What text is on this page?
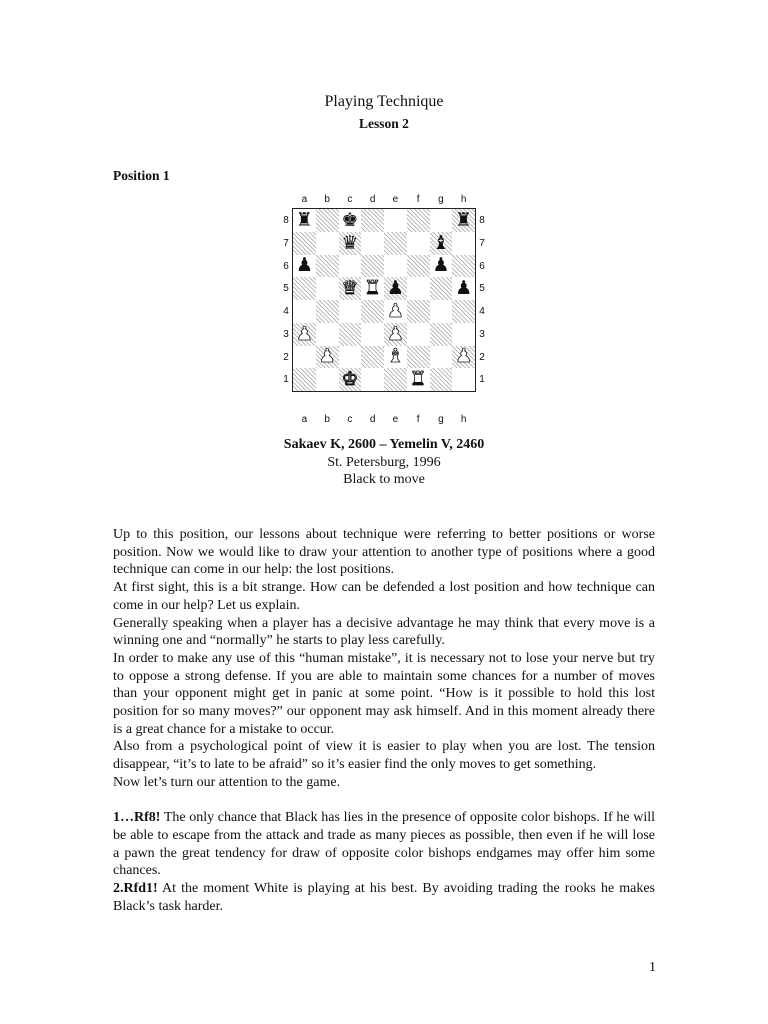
Playing Technique
Lesson 2
Position 1
a	b	c	d	e	f	g	h
8
7
6
5
4
3
2
1
♜ ♚	♜
♛	♝
♟	♟
♛ ♜ ♟	♟
♟
♟	♟
♟	♝	♟
♚	♜
8
7
6
5
4
3
2
1
a	b	c	d	e	f	g	h
Sakaev K, 2600 – Yemelin V, 2460
St. Petersburg, 1996
Black to move

Up to this position, our lessons about technique were referring to better positions or worse position. Now we would like to draw your attention to another type of positions where a good technique can come in our help: the lost positions.

At first sight, this is a bit strange. How can be defended a lost position and how technique can come in our help? Let us explain.

Generally speaking when a player has a decisive advantage he may think that every move is a winning one and “normally” he starts to play less carefully.

In order to make any use of this “human mistake”, it is necessary not to lose your nerve but try to oppose a strong defense. If you are able to maintain some chances for a number of moves than your opponent might get in panic at some point. “How is it possible to hold this lost position for so many moves?” our opponent may ask himself. And in this moment already there is a great chance for a mistake to occur.

Also from a psychological point of view it is easier to play when you are lost. The tension disappear, “it’s to late to be afraid” so it’s easier find the only moves to get something.

Now let’s turn our attention to the game.

1…Rf8! The only chance that Black has lies in the presence of opposite color bishops. If he will be able to escape from the attack and trade as many pieces as possible, then even if he will lose a pawn the great tendency for draw of opposite color bishops endgames may offer him some chances.

2.Rfd1! At the moment White is playing at his best. By avoiding trading the rooks he makes Black’s task harder.

1
